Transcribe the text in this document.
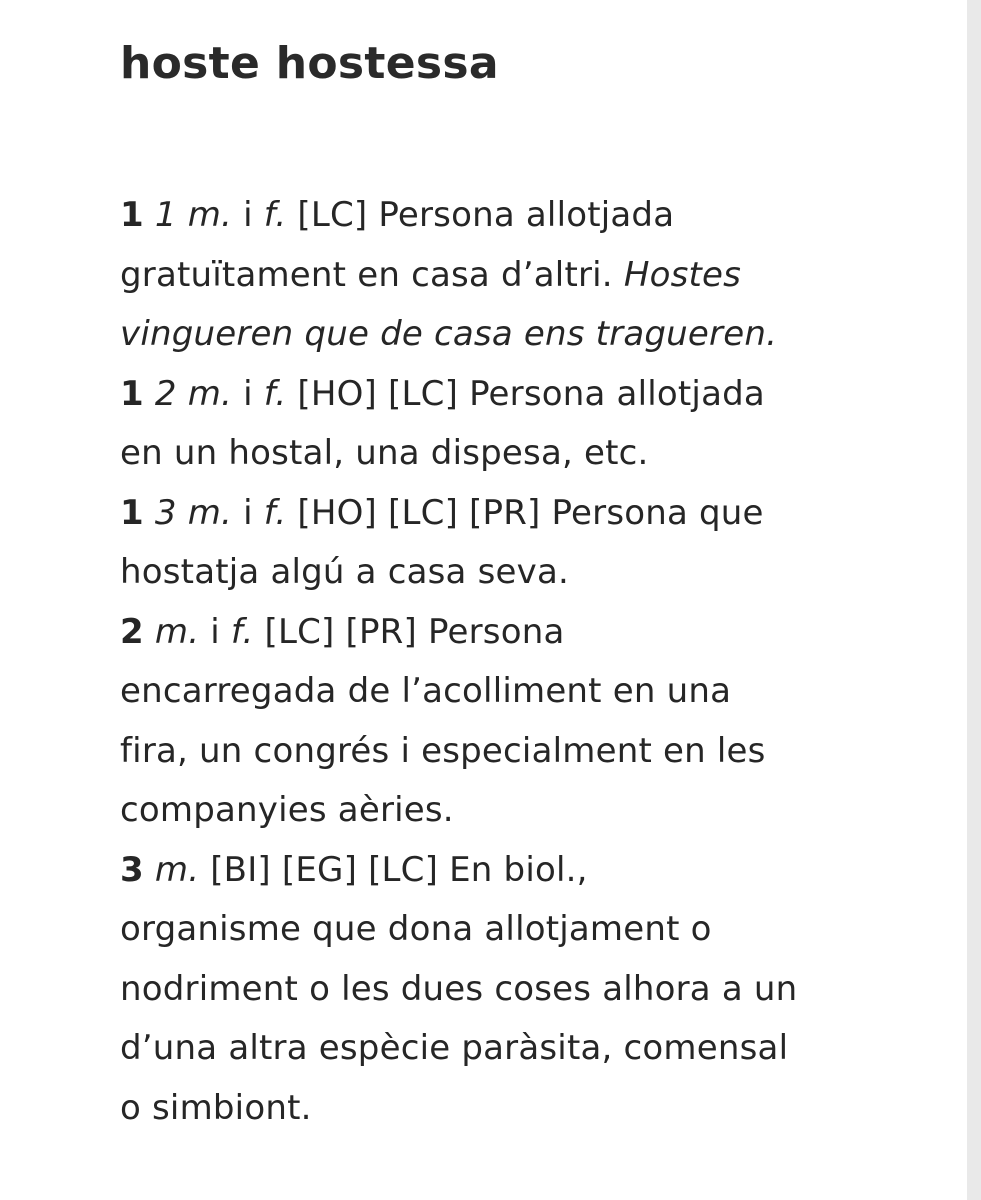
hoste hostessa
1 1 m. i f. [LC] Persona allotjada
gratuïtament en casa d’altri. Hostes
vingueren que de casa ens tragueren.
1 2 m. i f. [HO] [LC] Persona allotjada
en un hostal, una dispesa, etc.
1 3 m. i f. [HO] [LC] [PR] Persona que
hostatja algú a casa seva.
2 m. i f. [LC] [PR] Persona
encarregada de l’acolliment en una
fira, un congrés i especialment en les
companyies aèries.
3 m. [BI] [EG] [LC] En biol.,
organisme que dona allotjament o
nodriment o les dues coses alhora a un
d’una altra espècie paràsita, comensal
o simbiont.
